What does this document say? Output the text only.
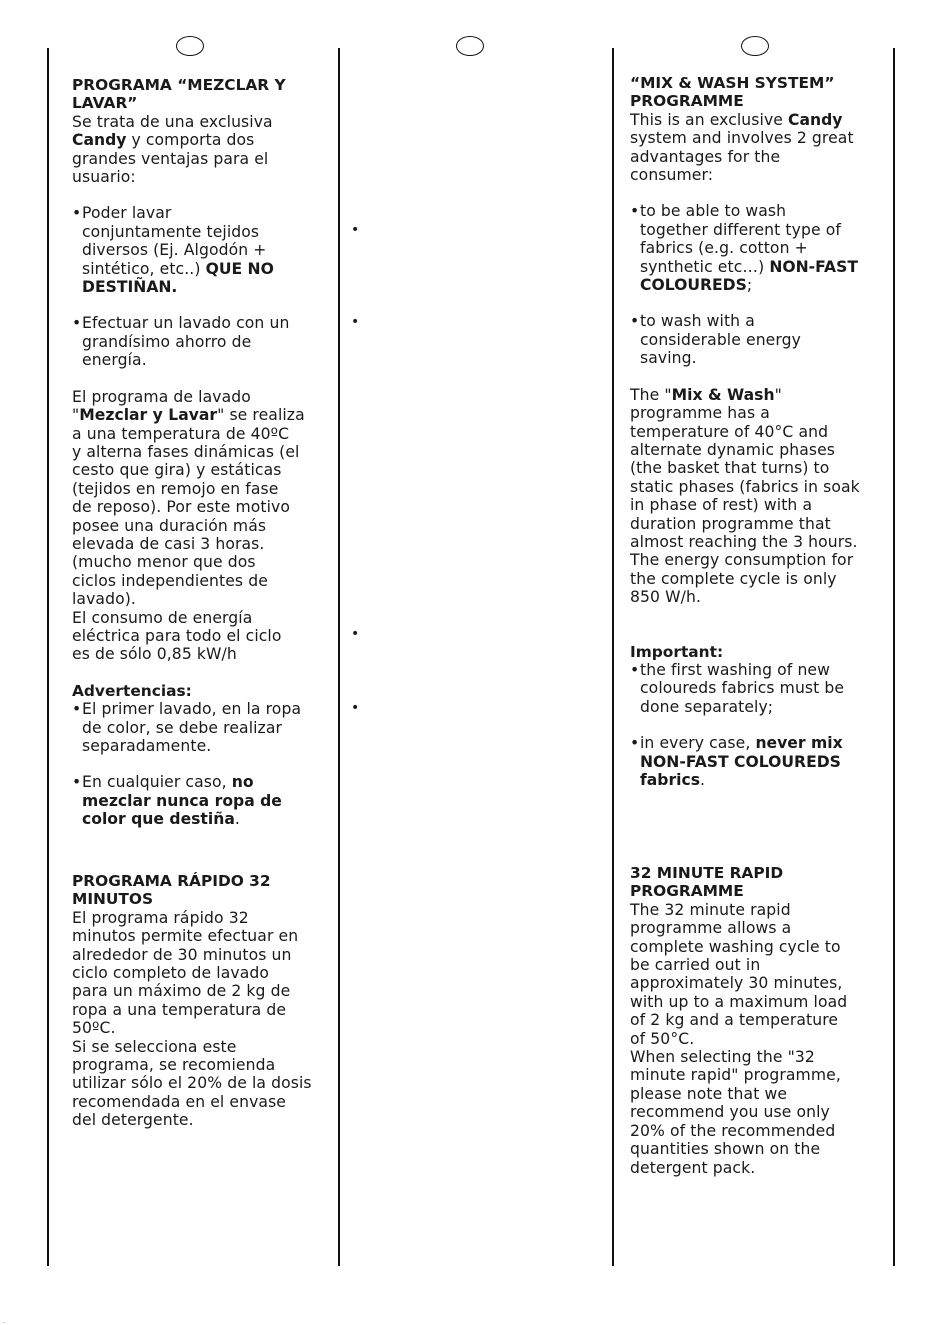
PROGRAMA “MEZCLAR Y
LAVAR”

Se trata de una exclusiva
Candy y comporta dos
grandes ventajas para el
usuario:

• Poder lavar
conjuntamente tejidos
diversos (Ej. Algodón +
sintético, etc..) QUE NO
DESTIÑAN.
• Efectuar un lavado con un
grandísimo ahorro de
energía.

El programa de lavado
"Mezclar y Lavar" se realiza
a una temperatura de 40ºC
y alterna fases dinámicas (el
cesto que gira) y estáticas
(tejidos en remojo en fase
de reposo). Por este motivo
posee una duración más
elevada de casi 3 horas.
(mucho menor que dos
ciclos independientes de
lavado).
El consumo de energía
eléctrica para todo el ciclo
es de sólo 0,85 kW/h

Advertencias:

• El primer lavado, en la ropa
de color, se debe realizar
separadamente.
• En cualquier caso, no
mezclar nunca ropa de
color que destiña.

PROGRAMA RÁPIDO 32
MINUTOS

El programa rápido 32
minutos permite efectuar en
alrededor de 30 minutos un
ciclo completo de lavado
para un máximo de 2 kg de
ropa a una temperatura de
50ºC.
Si se selecciona este
programa, se recomienda
utilizar sólo el 20% de la dosis
recomendada en el envase
del detergente.

•
•
•
•

“MIX & WASH SYSTEM”
PROGRAMME

This is an exclusive Candy
system and involves 2 great
advantages for the
consumer:

• to be able to wash
together different type of
fabrics (e.g. cotton +
synthetic etc…) NON-FAST
COLOUREDS;
• to wash with a
considerable energy
saving.

The "Mix & Wash"
programme has a
temperature of 40°C and
alternate dynamic phases
(the basket that turns) to
static phases (fabrics in soak
in phase of rest) with a
duration programme that
almost reaching the 3 hours.
The energy consumption for
the complete cycle is only
850 W/h.

Important:

• the first washing of new
coloureds fabrics must be
done separately;
• in every case, never mix
NON-FAST COLOUREDS
fabrics.

32 MINUTE RAPID
PROGRAMME

The 32 minute rapid
programme allows a
complete washing cycle to
be carried out in
approximately 30 minutes,
with up to a maximum load
of 2 kg and a temperature
of 50°C.
When selecting the "32
minute rapid" programme,
please note that we
recommend you use only
20% of the recommended
quantities shown on the
detergent pack.

.
